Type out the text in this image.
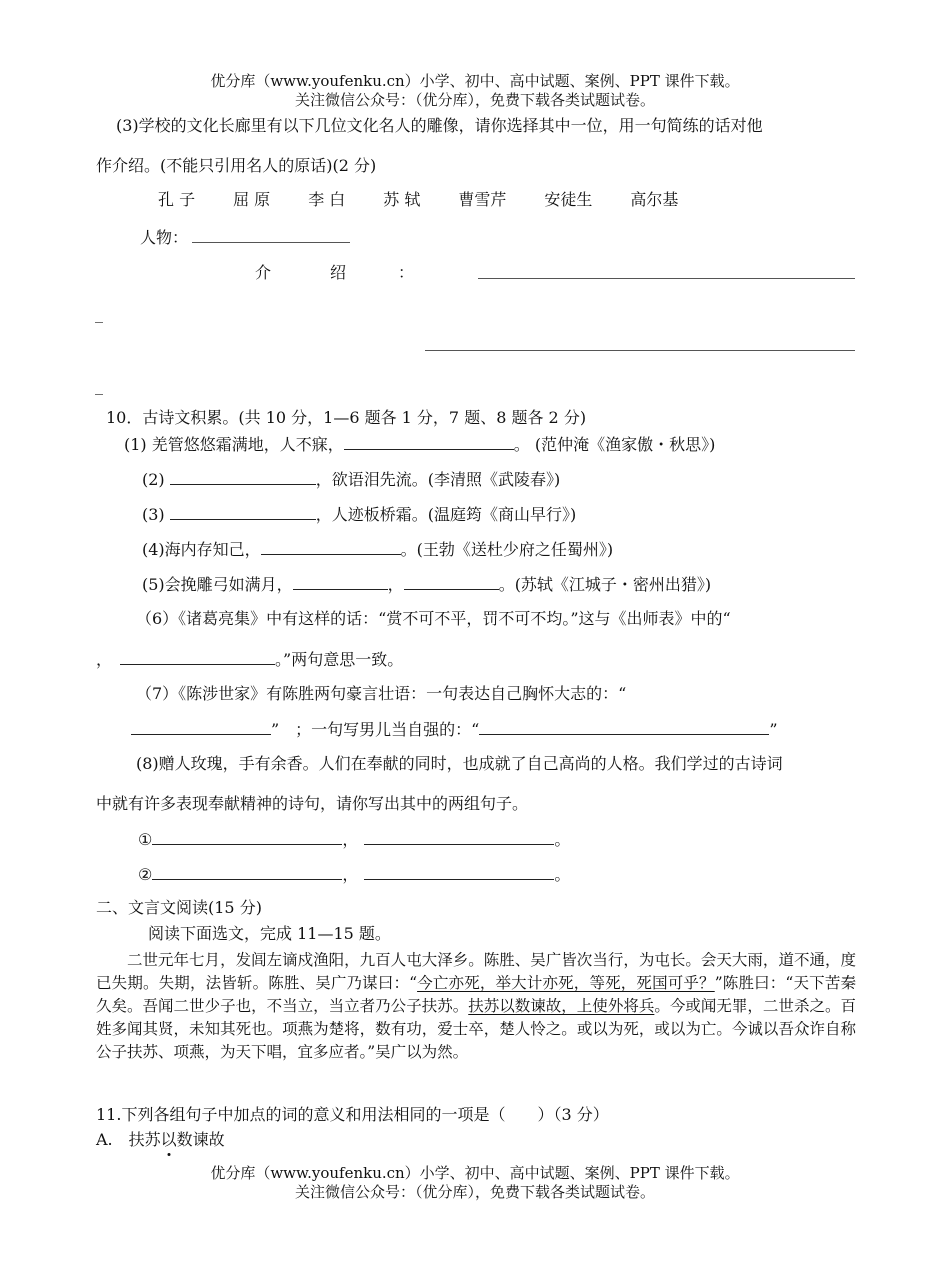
优分库（www.youfenku.cn）小学、初中、高中试题、案例、PPT 课件下载。
关注微信公众号：（优分库），免费下载各类试题试卷。
(3)学校的文化长廊里有以下几位文化名人的雕像，请你选择其中一位，用一句简练的话对他
作介绍。(不能只引用名人的原话)(2 分)
孔 子 屈 原 李 白 苏 轼 曹雪芹 安徒生 高尔基
人物：
介	绍	：
_
_
10．古诗文积累。(共 10 分，1—6 题各 1 分，7 题、8 题各 2 分)
(1) 羌管悠悠霜满地，人不寐，	。 (范仲淹《渔家傲・秋思》)
(2)	，欲语泪先流。(李清照《武陵春》)
(3)	，人迹板桥霜。(温庭筠《商山早行》)
(4)海内存知己，	。(王勃《送杜少府之任蜀州》)
(5)会挽雕弓如满月，	，	。(苏轼《江城子・密州出猎》)
（6）《诸葛亮集》中有这样的话：“赏不可不平，罚不可不均。”这与《出师表》中的“
，	。”两句意思一致。
（7）《陈涉世家》有陈胜两句豪言壮语：一句表达自己胸怀大志的：“
”　；一句写男儿当自强的：“	”
(8)赠人玫瑰，手有余香。人们在奉献的同时，也成就了自己高尚的人格。我们学过的古诗词
中就有许多表现奉献精神的诗句，请你写出其中的两组句子。
①	，	。
②	，	。
二、文言文阅读(15 分)
阅读下面选文，完成 11—15 题。
二世元年七月，发闾左谪戍渔阳，九百人屯大泽乡。陈胜、吴广皆次当行，为屯长。会天大雨，道不通，度已失期。失期，法皆斩。陈胜、吴广乃谋曰：“今亡亦死，举大计亦死，等死，死国可乎？”陈胜曰：“天下苦秦久矣。吾闻二世少子也，不当立，当立者乃公子扶苏。扶苏以数谏故，上使外将兵。今或闻无罪，二世杀之。百姓多闻其贤，未知其死也。项燕为楚将，数有功，爱士卒，楚人怜之。或以为死，或以为亡。今诚以吾众诈自称公子扶苏、项燕，为天下唱，宜多应者。”吴广以为然。
11.下列各组句子中加点的词的意义和用法相同的一项是（　　）（3 分）
A.　扶苏以数谏故
优分库（www.youfenku.cn）小学、初中、高中试题、案例、PPT 课件下载。
关注微信公众号：（优分库），免费下载各类试题试卷。
